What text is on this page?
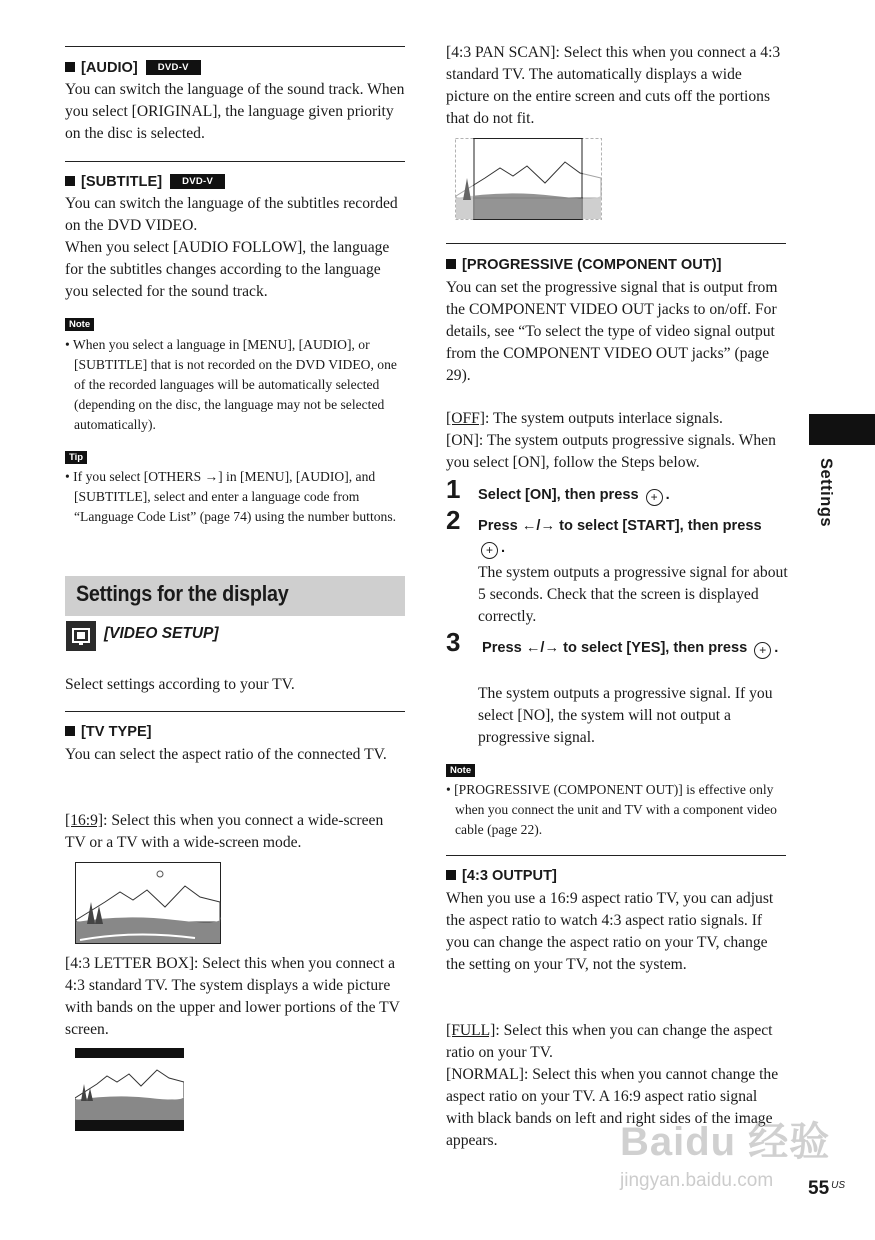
[AUDIO] DVD-V

You can switch the language of the sound track. When you select [ORIGINAL], the language given priority on the disc is selected.

[SUBTITLE] DVD-V

You can switch the language of the subtitles recorded on the DVD VIDEO.

When you select [AUDIO FOLLOW], the language for the subtitles changes according to the language you selected for the sound track.

Note
• When you select a language in [MENU], [AUDIO], or [SUBTITLE] that is not recorded on the DVD VIDEO, one of the recorded languages will be automatically selected (depending on the disc, the language may not be selected automatically).
Tip
• If you select [OTHERS →] in [MENU], [AUDIO], and [SUBTITLE], select and enter a language code from “Language Code List” (page 74) using the number buttons.
Settings for the display
[VIDEO SETUP]

Select settings according to your TV.

[TV TYPE]

You can select the aspect ratio of the connected TV.

[16:9]: Select this when you connect a wide-screen TV or a TV with a wide-screen mode.

[4:3 LETTER BOX]: Select this when you connect a 4:3 standard TV. The system displays a wide picture with bands on the upper and lower portions of the TV screen.

[4:3 PAN SCAN]: Select this when you connect a 4:3 standard TV. The automatically displays a wide picture on the entire screen and cuts off the portions that do not fit.

[PROGRESSIVE (COMPONENT OUT)]

You can set the progressive signal that is output from the COMPONENT VIDEO OUT jacks to on/off. For details, see “To select the type of video signal output from the COMPONENT VIDEO OUT jacks” (page 29).

[OFF]: The system outputs interlace signals.

[ON]: The system outputs progressive signals. When you select [ON], follow the Steps below.

1 Select [ON], then press + .
2 Press ←/→ to select [START], then press + .

The system outputs a progressive signal for about 5 seconds. Check that the screen is displayed correctly.

3 Press ←/→ to select [YES], then press + .

The system outputs a progressive signal. If you select [NO], the system will not output a progressive signal.

Note
• [PROGRESSIVE (COMPONENT OUT)] is effective only when you connect the unit and TV with a component video cable (page 22).
[4:3 OUTPUT]

When you use a 16:9 aspect ratio TV, you can adjust the aspect ratio to watch 4:3 aspect ratio signals. If you can change the aspect ratio on your TV, change the setting on your TV, not the system.

[FULL]: Select this when you can change the aspect ratio on your TV.

[NORMAL]: Select this when you cannot change the aspect ratio on your TV. A 16:9 aspect ratio signal with black bands on left and right sides of the image appears.

Settings
Baidu 经验
jingyan.baidu.com 55 $^{US}$
